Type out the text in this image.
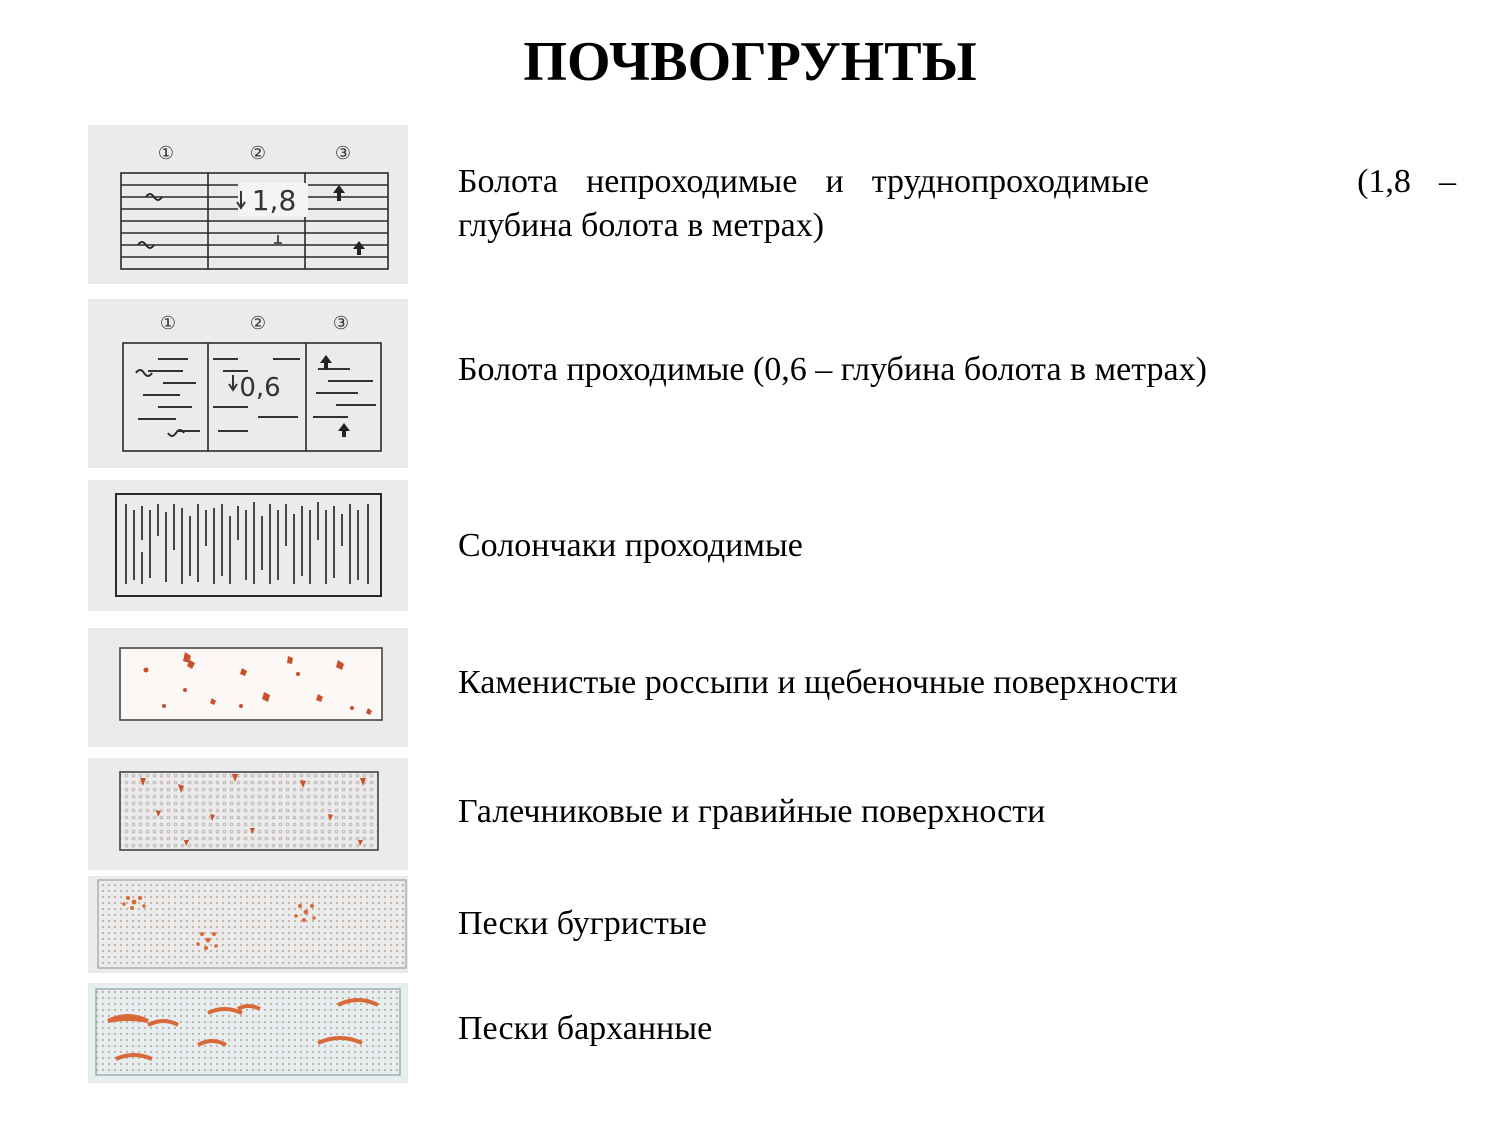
ПОЧВОГРУНТЫ
①	②	③
1,8
Болота непроходимые и труднопроходимые	(1,8 –
глубина болота в метрах)
①	②	③
0,6	Болота проходимые (0,6 – глубина болота в метрах)
Солончаки проходимые
Каменистые россыпи и щебеночные поверхности
Галечниковые и гравийные поверхности
Пески бугристые
Пески барханные
